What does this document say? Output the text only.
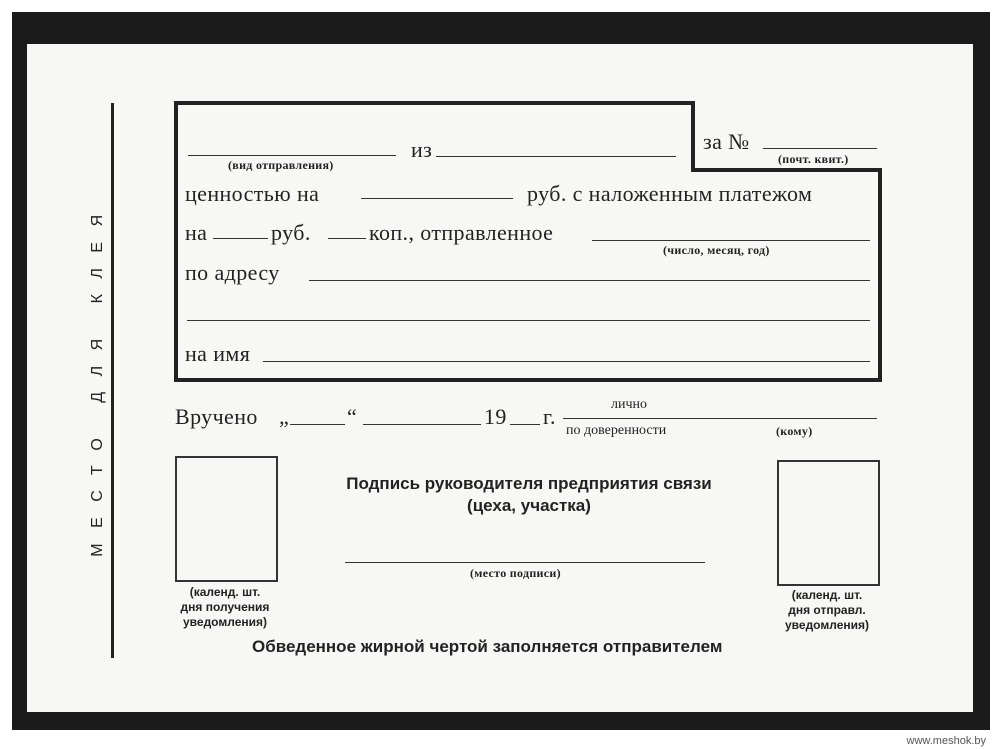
МЕСТО ДЛЯ КЛЕЯ
(вид отправления)
из	за №
(почт. квит.)
ценностью на	руб. с наложенным платежом
на	руб.	коп., отправленное
(число, месяц, год)
по адресу
на имя
Вручено „	“	19 г.	лично
по доверенности	(кому)
(календ. шт.
дня получения
уведомления)
(календ. шт.
дня отправл.
уведомления)
Подпись руководителя предприятия связи
(цеха, участка)
(место подписи)
Обведенное жирной чертой заполняется отправителем
www.meshok.by
